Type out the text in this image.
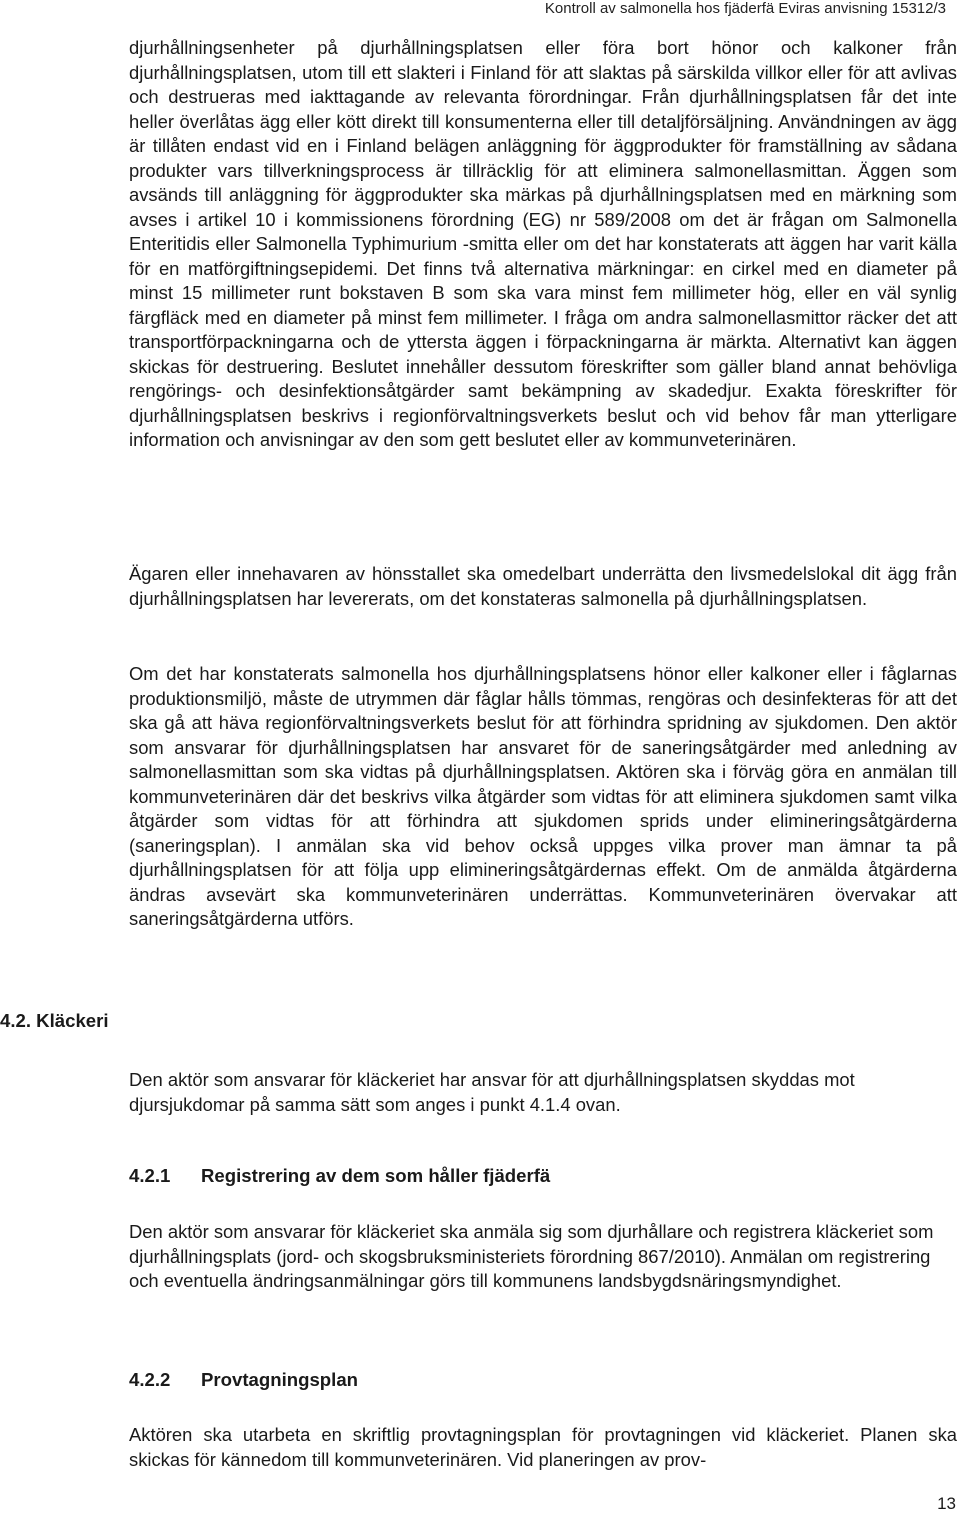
Kontroll av salmonella hos fjäderfä Eviras anvisning 15312/3

djurhållningsenheter på djurhållningsplatsen eller föra bort hönor och kalkoner från djurhållningsplatsen, utom till ett slakteri i Finland för att slaktas på särskilda villkor eller för att avlivas och destrueras med iakttagande av relevanta förordningar. Från djurhållningsplatsen får det inte heller överlåtas ägg eller kött direkt till konsumenterna eller till detaljförsäljning. Användningen av ägg är tillåten endast vid en i Finland belägen anläggning för äggprodukter för framställning av sådana produkter vars tillverkningsprocess är tillräcklig för att eliminera salmonellasmittan. Äggen som avsänds till anläggning för äggprodukter ska märkas på djurhållningsplatsen med en märkning som avses i artikel 10 i kommissionens förordning (EG) nr 589/2008 om det är frågan om Salmonella Enteritidis eller Salmonella Typhimurium -smitta eller om det har konstaterats att äggen har varit källa för en matförgiftningsepidemi. Det finns två alternativa märkningar: en cirkel med en diameter på minst 15 millimeter runt bokstaven B som ska vara minst fem millimeter hög, eller en väl synlig färgfläck med en diameter på minst fem millimeter. I fråga om andra salmonellasmittor räcker det att transportförpackningarna och de yttersta äggen i förpackningarna är märkta. Alternativt kan äggen skickas för destruering. Beslutet innehåller dessutom föreskrifter som gäller bland annat behövliga rengörings- och desinfektionsåtgärder samt bekämpning av skadedjur. Exakta föreskrifter för djurhållningsplatsen beskrivs i regionförvaltningsverkets beslut och vid behov får man ytterligare information och anvisningar av den som gett beslutet eller av kommunveterinären.

Ägaren eller innehavaren av hönsstallet ska omedelbart underrätta den livsmedelslokal dit ägg från djurhållningsplatsen har levererats, om det konstateras salmonella på djurhållningsplatsen.

Om det har konstaterats salmonella hos djurhållningsplatsens hönor eller kalkoner eller i fåglarnas produktionsmiljö, måste de utrymmen där fåglar hålls tömmas, rengöras och desinfekteras för att det ska gå att häva regionförvaltningsverkets beslut för att förhindra spridning av sjukdomen. Den aktör som ansvarar för djurhållningsplatsen har ansvaret för de saneringsåtgärder med anledning av salmonellasmittan som ska vidtas på djurhållningsplatsen. Aktören ska i förväg göra en anmälan till kommunveterinären där det beskrivs vilka åtgärder som vidtas för att eliminera sjukdomen samt vilka åtgärder som vidtas för att förhindra att sjukdomen sprids under elimineringsåtgärderna (saneringsplan). I anmälan ska vid behov också uppges vilka prover man ämnar ta på djurhållningsplatsen för att följa upp elimineringsåtgärdernas effekt. Om de anmälda åtgärderna ändras avsevärt ska kommunveterinären underrättas. Kommunveterinären övervakar att saneringsåtgärderna utförs.

4.2. Kläckeri

Den aktör som ansvarar för kläckeriet har ansvar för att djurhållningsplatsen skyddas mot djursjukdomar på samma sätt som anges i punkt 4.1.4 ovan.

4.2.1 Registrering av dem som håller fjäderfä

Den aktör som ansvarar för kläckeriet ska anmäla sig som djurhållare och registrera kläckeriet som djurhållningsplats (jord- och skogsbruksministeriets förordning 867/2010). Anmälan om registrering och eventuella ändringsanmälningar görs till kommunens landsbygdsnäringsmyndighet.

4.2.2 Provtagningsplan

Aktören ska utarbeta en skriftlig provtagningsplan för provtagningen vid kläckeriet. Planen ska skickas för kännedom till kommunveterinären. Vid planeringen av prov-

13
